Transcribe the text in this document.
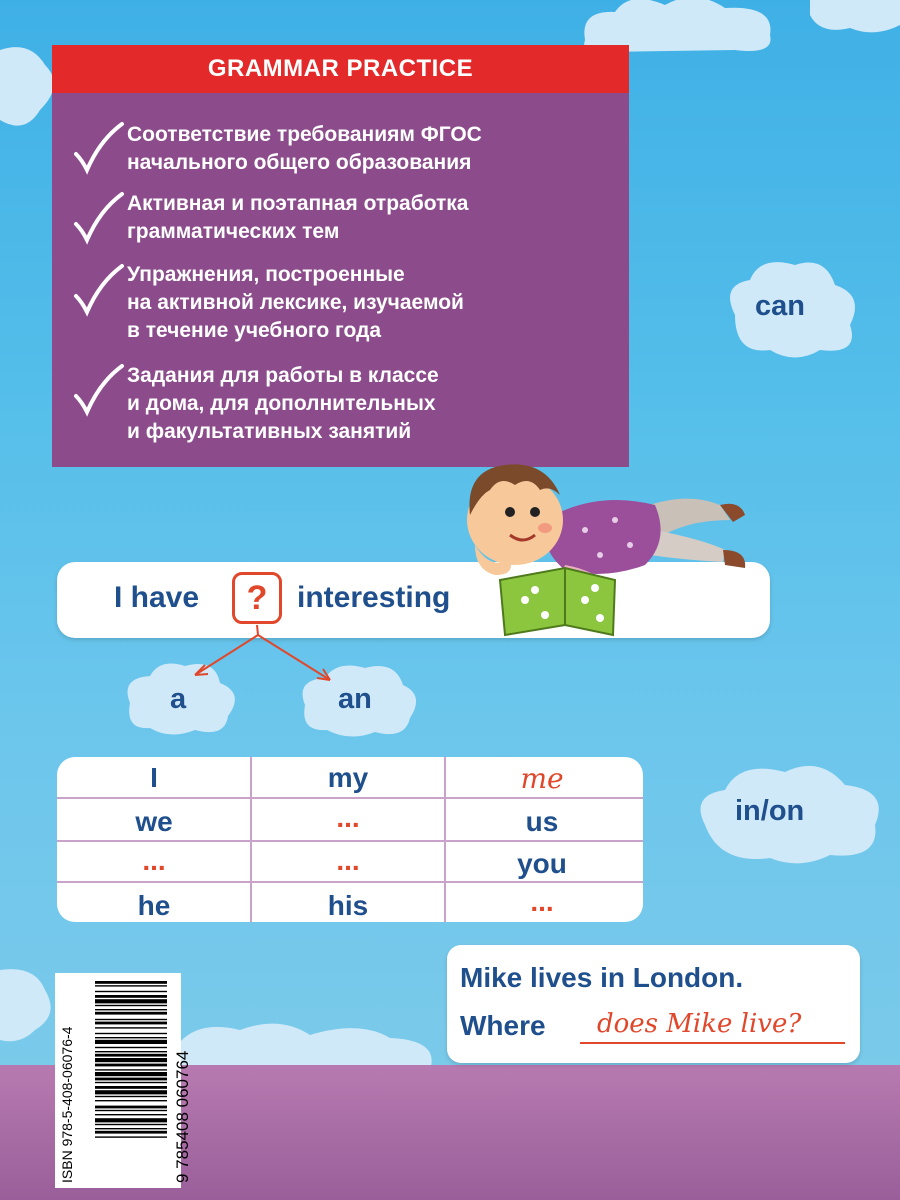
GRAMMAR PRACTICE
Соответствие требованиям ФГОС
начального общего образования
Активная и поэтапная отработка
грамматических тем
Упражнения, построенные
на активной лексике, изучаемой
в течение учебного года
Задания для работы в классе
и дома, для дополнительных
и факультативных занятий
can
in/on
I have	? interesting
a	an
I	my	me
we	...	us
...	...	you
he	his	...
Mike lives in London.
Where does Mike live?
ISBN 978-5-408-06076-4	9 785408 060764
